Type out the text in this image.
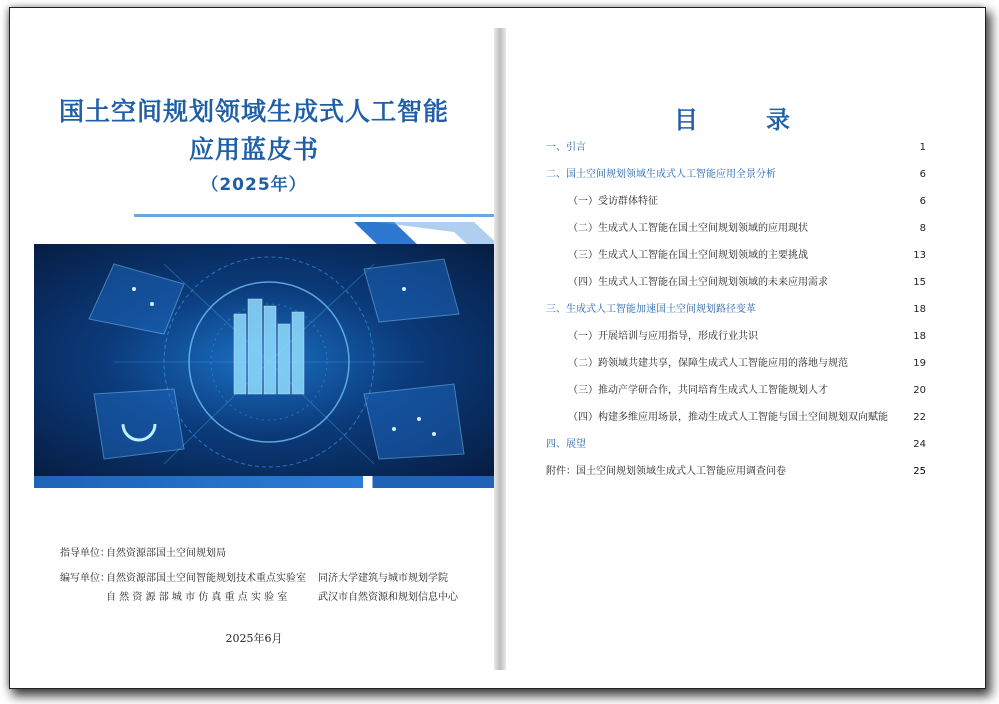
国土空间规划领域生成式人工智能
应用蓝皮书
（2025年）
指导单位：
自然资源部国土空间规划局
编写单位：
自然资源部国土空间智能规划技术重点实验室 同济大学建筑与城市规划学院
自 然 资 源 部 城 市 仿 真 重 点 实 验 室	武汉市自然资源和规划信息中心
2025年6月
目　录
一、引言	1
二、国土空间规划领域生成式人工智能应用全景分析	6
（一）受访群体特征	6
（二）生成式人工智能在国土空间规划领域的应用现状	8
（三）生成式人工智能在国土空间规划领域的主要挑战	13
（四）生成式人工智能在国土空间规划领域的未来应用需求	15
三、生成式人工智能加速国土空间规划路径变革	18
（一）开展培训与应用指导，形成行业共识	18
（二）跨领域共建共享，保障生成式人工智能应用的落地与规范	19
（三）推动产学研合作，共同培育生成式人工智能规划人才	20
（四）构建多维应用场景，推动生成式人工智能与国土空间规划双向赋能	22
四、展望	24
附件：国土空间规划领域生成式人工智能应用调查问卷	25
